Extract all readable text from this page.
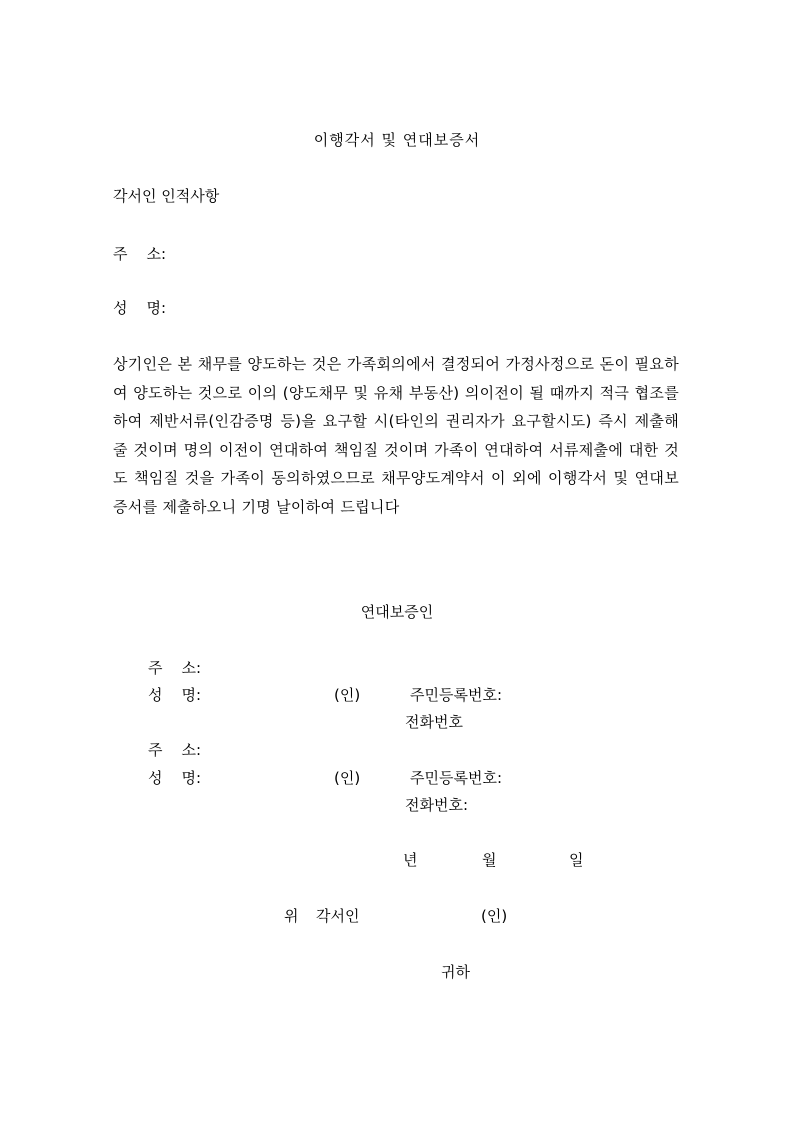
이행각서 및 연대보증서
각서인 인적사항
주    소:
성    명:
상기인은 본 채무를 양도하는 것은 가족회의에서 결정되어 가정사정으로 돈이 필요하여 양도하는 것으로 이의 (양도채무 및 유채 부동산) 의이전이 될 때까지 적극 협조를 하여 제반서류(인감증명 등)을 요구할 시(타인의 권리자가 요구할시도) 즉시 제출해 줄 것이며 명의 이전이 연대하여 책임질 것이며 가족이 연대하여 서류제출에 대한 것도 책임질 것을 가족이 동의하였으므로 채무양도계약서 이 외에 이행각서 및 연대보증서를 제출하오니 기명 날이하여 드립니다
연대보증인
주    소:
성    명:	(인)	주민등록번호:
전화번호
주    소:
성    명:	(인)	주민등록번호:
전화번호:
년	월	일
위 각서인	(인)
귀하
